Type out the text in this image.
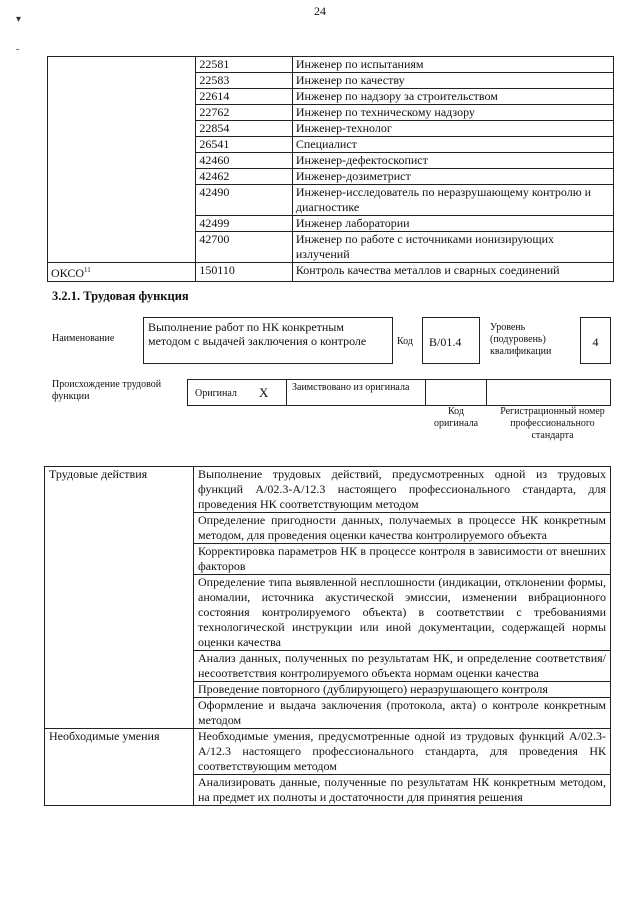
▾
-
24
	22581	Инженер по испытаниям
	22583	Инженер по качеству
	22614	Инженер по надзору за строительством
	22762	Инженер по техническому надзору
	22854	Инженер-технолог
	26541	Специалист
	42460	Инженер-дефектоскопист
	42462	Инженер-дозиметрист
	42490	Инженер-исследователь по неразрушающему контролю и диагностике
	42499	Инженер лаборатории
	42700	Инженер по работе с источниками ионизирующих излучений
ОКСО$^{11}$	150110	Контроль качества металлов и сварных соединений
3.2.1. Трудовая функция
Наименование
Выполнение работ по НК конкретным методом с выдачей заключения о контроле	Код	В/01.4
Уровень (подуровень) квалификации
4
Происхождение трудовой функции	Оригинал X Заимствовано из оригинала
Код оригинала
Регистрационный номер профессионального стандарта
Трудовые действия	Выполнение трудовых действий, предусмотренных одной из трудовых функций А/02.3-А/12.3 настоящего профессионального стандарта, для проведения НК соответствующим методом
	Определение пригодности данных, получаемых в процессе НК конкретным методом, для проведения оценки качества контролируемого объекта
	Корректировка параметров НК в процессе контроля в зависимости от внешних факторов
	Определение типа выявленной несплошности (индикации, отклонении формы, аномалии, источника акустической эмиссии, изменении вибрационного состояния контролируемого объекта) в соответствии с требованиями технологической инструкции или иной документации, содержащей нормы оценки качества
	Анализ данных, полученных по результатам НК, и определение соответствия/несоответствия контролируемого объекта нормам оценки качества
	Проведение повторного (дублирующего) неразрушающего контроля
	Оформление и выдача заключения (протокола, акта) о контроле конкретным методом
Необходимые умения	Необходимые умения, предусмотренные одной из трудовых функций А/02.3-А/12.3 настоящего профессионального стандарта, для проведения НК соответствующим методом
	Анализировать данные, полученные по результатам НК конкретным методом, на предмет их полноты и достаточности для принятия решения
